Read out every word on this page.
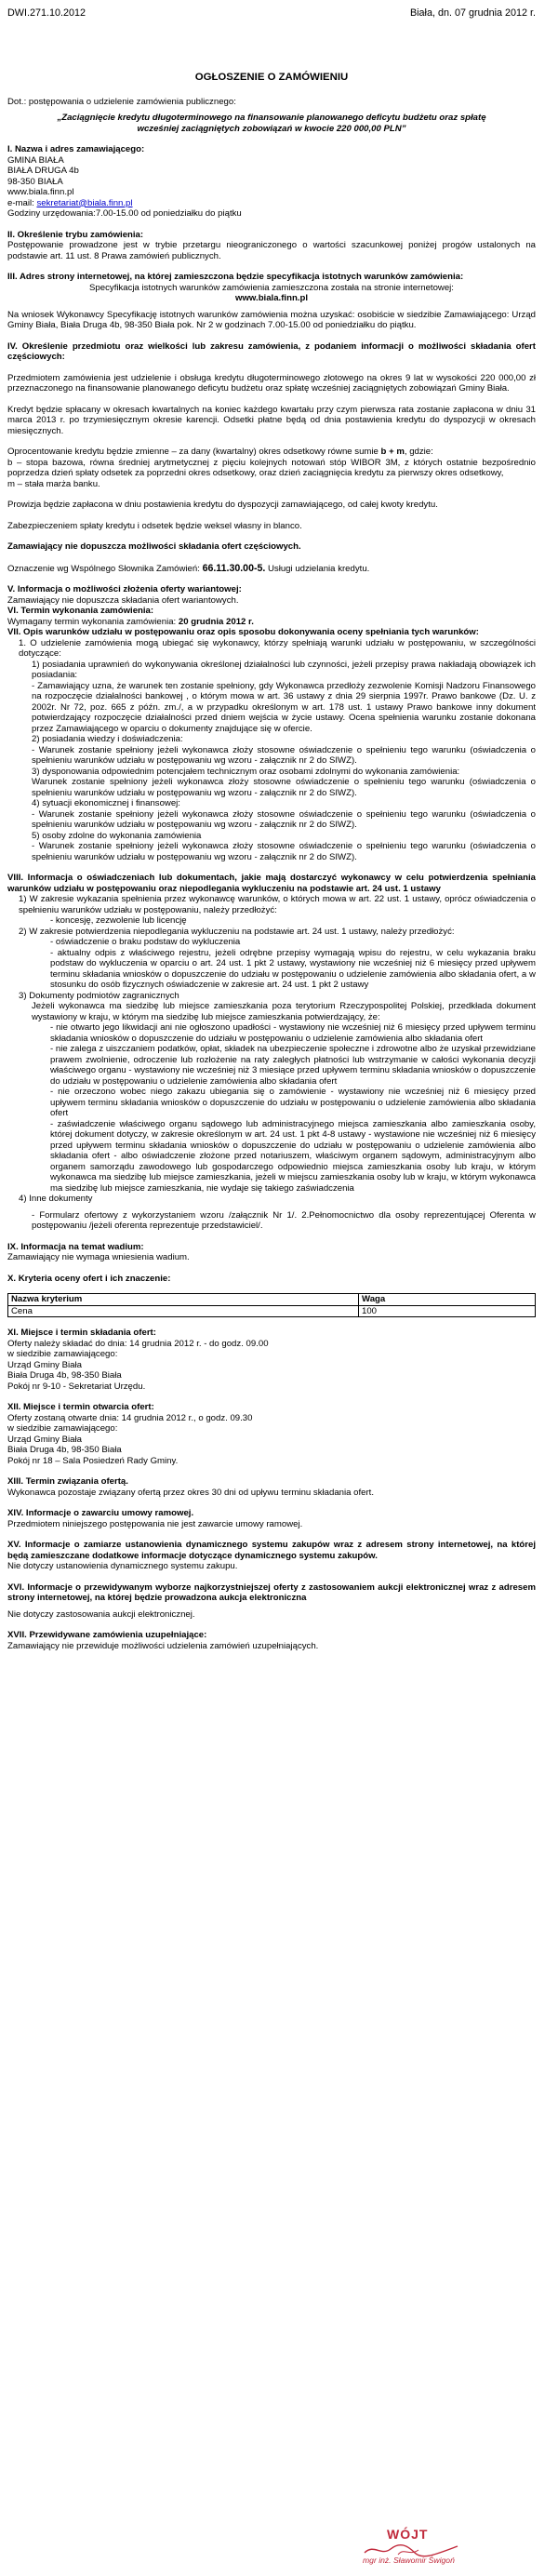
DWI.271.10.2012	Biała, dn. 07 grudnia 2012 r.

OGŁOSZENIE O ZAMÓWIENIU

Dot.: postępowania o udzielenie zamówienia publicznego:

„Zaciągnięcie kredytu długoterminowego na finansowanie planowanego deficytu budżetu oraz spłatę wcześniej zaciągniętych zobowiązań w kwocie 220 000,00 PLN”

I. Nazwa i adres zamawiającego:

GMINA BIAŁA

BIAŁA DRUGA 4b

98-350 BIAŁA

www.biala.finn.pl

e-mail: sekretariat@biala.finn.pl

Godziny urzędowania:7.00-15.00 od poniedziałku do piątku

II. Określenie trybu zamówienia:

Postępowanie prowadzone jest w trybie przetargu nieograniczonego o wartości szacunkowej poniżej progów ustalonych na podstawie art. 11 ust. 8 Prawa zamówień publicznych.

III. Adres strony internetowej, na której zamieszczona będzie specyfikacja istotnych warunków zamówienia:

Specyfikacja istotnych warunków zamówienia zamieszczona została na stronie internetowej:

www.biala.finn.pl

Na wniosek Wykonawcy Specyfikację istotnych warunków zamówienia można uzyskać: osobiście w siedzibie Zamawiającego: Urząd Gminy Biała, Biała Druga 4b, 98-350 Biała pok. Nr 2 w godzinach 7.00-15.00 od poniedziałku do piątku.

IV. Określenie przedmiotu oraz wielkości lub zakresu zamówienia, z podaniem informacji o możliwości składania ofert częściowych:

Przedmiotem zamówienia jest udzielenie i obsługa kredytu długoterminowego złotowego na okres 9 lat w wysokości 220 000,00 zł przeznaczonego na finansowanie planowanego deficytu budżetu oraz spłatę wcześniej zaciągniętych zobowiązań Gminy Biała.

Kredyt będzie spłacany w okresach kwartalnych na koniec każdego kwartału przy czym pierwsza rata zostanie zapłacona w dniu 31 marca 2013 r. po trzymiesięcznym okresie karencji. Odsetki płatne będą od dnia postawienia kredytu do dyspozycji w okresach miesięcznych.

Oprocentowanie kredytu będzie zmienne – za dany (kwartalny) okres odsetkowy równe sumie b + m, gdzie:

b – stopa bazowa, równa średniej arytmetycznej z pięciu kolejnych notowań stóp WIBOR 3M, z których ostatnie bezpośrednio poprzedza dzień spłaty odsetek za poprzedni okres odsetkowy, oraz dzień zaciągnięcia kredytu za pierwszy okres odsetkowy,

m – stała marża banku.

Prowizja będzie zapłacona w dniu postawienia kredytu do dyspozycji zamawiającego, od całej kwoty kredytu.

Zabezpieczeniem spłaty kredytu i odsetek będzie weksel własny in blanco.

Zamawiający nie dopuszcza możliwości składania ofert częściowych.

Oznaczenie wg Wspólnego Słownika Zamówień: 66.11.30.00-5. Usługi udzielania kredytu.

V. Informacja o możliwości złożenia oferty wariantowej:

Zamawiający nie dopuszcza składania ofert wariantowych.

VI. Termin wykonania zamówienia:

Wymagany termin wykonania zamówienia: 20 grudnia 2012 r.

VII. Opis warunków udziału w postępowaniu oraz opis sposobu dokonywania oceny spełniania tych warunków:

1. O udzielenie zamówienia mogą ubiegać się wykonawcy, którzy spełniają warunki udziału w postępowaniu, w szczególności dotyczące:

1) posiadania uprawnień do wykonywania określonej działalności lub czynności, jeżeli przepisy prawa nakładają obowiązek ich posiadania:

- Zamawiający uzna, że warunek ten zostanie spełniony, gdy Wykonawca przedłoży zezwolenie Komisji Nadzoru Finansowego na rozpoczęcie działalności bankowej , o którym mowa w art. 36 ustawy z dnia 29 sierpnia 1997r. Prawo bankowe (Dz. U. z 2002r. Nr 72, poz. 665 z późn. zm./, a w przypadku określonym w art. 178 ust. 1 ustawy Prawo bankowe inny dokument potwierdzający rozpoczęcie działalności przed dniem wejścia w życie ustawy. Ocena spełnienia warunku zostanie dokonana przez Zamawiającego w oparciu o dokumenty znajdujące się w ofercie.

2) posiadania wiedzy i doświadczenia:

- Warunek zostanie spełniony jeżeli wykonawca złoży stosowne oświadczenie o spełnieniu tego warunku (oświadczenia o spełnieniu warunków udziału w postępowaniu wg wzoru - załącznik nr 2 do SIWZ).

3) dysponowania odpowiednim potencjałem technicznym oraz osobami zdolnymi do wykonania zamówienia:

Warunek zostanie spełniony jeżeli wykonawca złoży stosowne oświadczenie o spełnieniu tego warunku (oświadczenia o spełnieniu warunków udziału w postępowaniu wg wzoru - załącznik nr 2 do SIWZ).

4) sytuacji ekonomicznej i finansowej:

- Warunek zostanie spełniony jeżeli wykonawca złoży stosowne oświadczenie o spełnieniu tego warunku (oświadczenia o spełnieniu warunków udziału w postępowaniu wg wzoru - załącznik nr 2 do SIWZ).

5) osoby zdolne do wykonania zamówienia

- Warunek zostanie spełniony jeżeli wykonawca złoży stosowne oświadczenie o spełnieniu tego warunku (oświadczenia o spełnieniu warunków udziału w postępowaniu wg wzoru - załącznik nr 2 do SIWZ).

VIII. Informacja o oświadczeniach lub dokumentach, jakie mają dostarczyć wykonawcy w celu potwierdzenia spełniania warunków udziału w postępowaniu oraz niepodlegania wykluczeniu na podstawie art. 24 ust. 1 ustawy

1) W zakresie wykazania spełnienia przez wykonawcę warunków, o których mowa w art. 22 ust. 1 ustawy, oprócz oświadczenia o spełnieniu warunków udziału w postępowaniu, należy przedłożyć:

- koncesję, zezwolenie lub licencję

2) W zakresie potwierdzenia niepodlegania wykluczeniu na podstawie art. 24 ust. 1 ustawy, należy przedłożyć:

- oświadczenie o braku podstaw do wykluczenia

- aktualny odpis z właściwego rejestru, jeżeli odrębne przepisy wymagają wpisu do rejestru, w celu wykazania braku podstaw do wykluczenia w oparciu o art. 24 ust. 1 pkt 2 ustawy, wystawiony nie wcześniej niż 6 miesięcy przed upływem terminu składania wniosków o dopuszczenie do udziału w postępowaniu o udzielenie zamówienia albo składania ofert, a w stosunku do osób fizycznych oświadczenie w zakresie art. 24 ust. 1 pkt 2 ustawy

3) Dokumenty podmiotów zagranicznych

Jeżeli wykonawca ma siedzibę lub miejsce zamieszkania poza terytorium Rzeczypospolitej Polskiej, przedkłada dokument wystawiony w kraju, w którym ma siedzibę lub miejsce zamieszkania potwierdzający, że:

- nie otwarto jego likwidacji ani nie ogłoszono upadłości - wystawiony nie wcześniej niż 6 miesięcy przed upływem terminu składania wniosków o dopuszczenie do udziału w postępowaniu o udzielenie zamówienia albo składania ofert

- nie zalega z uiszczaniem podatków, opłat, składek na ubezpieczenie społeczne i zdrowotne albo że uzyskał przewidziane prawem zwolnienie, odroczenie lub rozłożenie na raty zaległych płatności lub wstrzymanie w całości wykonania decyzji właściwego organu - wystawiony nie wcześniej niż 3 miesiące przed upływem terminu składania wniosków o dopuszczenie do udziału w postępowaniu o udzielenie zamówienia albo składania ofert

- nie orzeczono wobec niego zakazu ubiegania się o zamówienie - wystawiony nie wcześniej niż 6 miesięcy przed upływem terminu składania wniosków o dopuszczenie do udziału w postępowaniu o udzielenie zamówienia albo składania ofert

- zaświadczenie właściwego organu sądowego lub administracyjnego miejsca zamieszkania albo zamieszkania osoby, której dokument dotyczy, w zakresie określonym w art. 24 ust. 1 pkt 4-8 ustawy - wystawione nie wcześniej niż 6 miesięcy przed upływem terminu składania wniosków o dopuszczenie do udziału w postępowaniu o udzielenie zamówienia albo składania ofert - albo oświadczenie złożone przed notariuszem, właściwym organem sądowym, administracyjnym albo organem samorządu zawodowego lub gospodarczego odpowiednio miejsca zamieszkania osoby lub kraju, w którym wykonawca ma siedzibę lub miejsce zamieszkania, jeżeli w miejscu zamieszkania osoby lub w kraju, w którym wykonawca ma siedzibę lub miejsce zamieszkania, nie wydaje się takiego zaświadczenia

4) Inne dokumenty

- Formularz ofertowy z wykorzystaniem wzoru /załącznik Nr 1/. 2.Pełnomocnictwo dla osoby reprezentującej Oferenta w postępowaniu /jeżeli oferenta reprezentuje przedstawiciel/.

IX. Informacja na temat wadium:

Zamawiający nie wymaga wniesienia wadium.

X. Kryteria oceny ofert i ich znaczenie:

Nazwa kryterium	Waga
Cena	100

XI. Miejsce i termin składania ofert:

Oferty należy składać do dnia: 14 grudnia 2012 r. - do godz. 09.00

w siedzibie zamawiającego:

Urząd Gminy Biała

Biała Druga 4b, 98-350 Biała

Pokój nr 9-10 - Sekretariat Urzędu.

XII. Miejsce i termin otwarcia ofert:

Oferty zostaną otwarte dnia: 14 grudnia 2012 r., o godz. 09.30

w siedzibie zamawiającego:

Urząd Gminy Biała

Biała Druga 4b, 98-350 Biała

Pokój nr 18 – Sala Posiedzeń Rady Gminy.

XIII. Termin związania ofertą.

Wykonawca pozostaje związany ofertą przez okres 30 dni od upływu terminu składania ofert.

XIV. Informacje o zawarciu umowy ramowej.

Przedmiotem niniejszego postępowania nie jest zawarcie umowy ramowej.

XV. Informacje o zamiarze ustanowienia dynamicznego systemu zakupów wraz z adresem strony internetowej, na której będą zamieszczane dodatkowe informacje dotyczące dynamicznego systemu zakupów.

Nie dotyczy ustanowienia dynamicznego systemu zakupu.

XVI. Informacje o przewidywanym wyborze najkorzystniejszej oferty z zastosowaniem aukcji elektronicznej wraz z adresem strony internetowej, na której będzie prowadzona aukcja elektroniczna

Nie dotyczy zastosowania aukcji elektronicznej.

XVII. Przewidywane zamówienia uzupełniające:

Zamawiający nie przewiduje możliwości udzielenia zamówień uzupełniających.

WÓJT
mgr inż. Sławomir Świgoń
